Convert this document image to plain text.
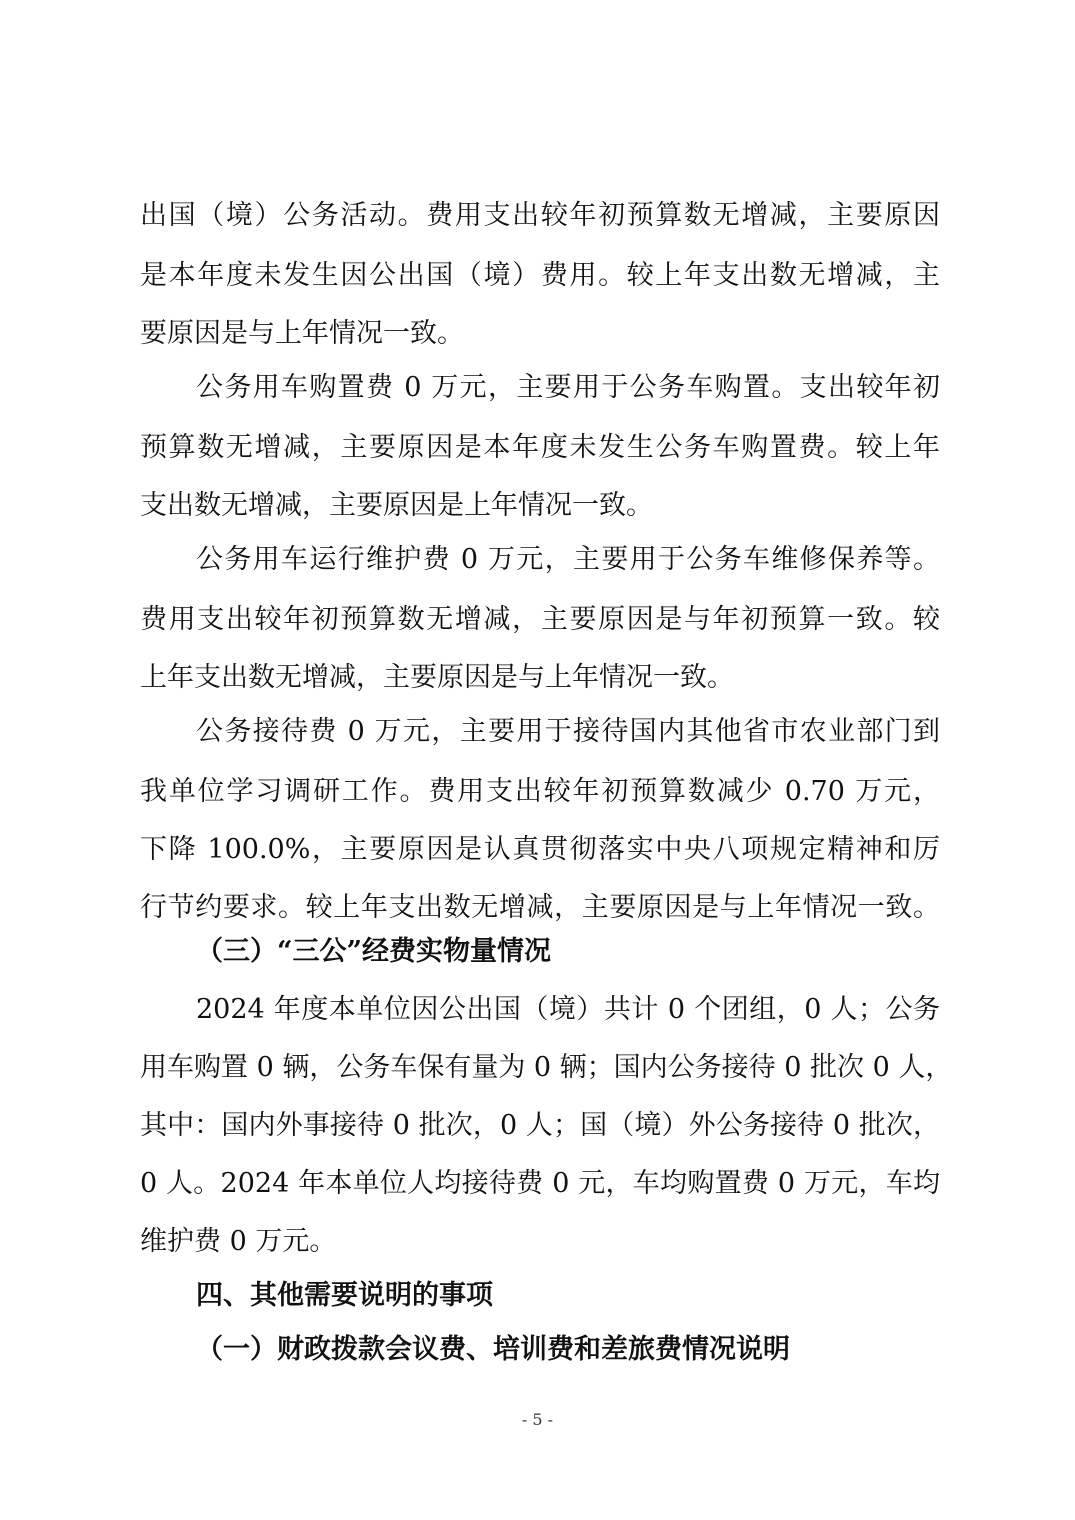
出国（境）公务活动。费用支出较年初预算数无增减，主要原因
是本年度未发生因公出国（境）费用。较上年支出数无增减，主
要原因是与上年情况一致。
公务用车购置费 0 万元，主要用于公务车购置。支出较年初
预算数无增减，主要原因是本年度未发生公务车购置费。较上年
支出数无增减，主要原因是上年情况一致。
公务用车运行维护费 0 万元，主要用于公务车维修保养等。
费用支出较年初预算数无增减，主要原因是与年初预算一致。较
上年支出数无增减，主要原因是与上年情况一致。
公务接待费 0 万元，主要用于接待国内其他省市农业部门到
我单位学习调研工作。费用支出较年初预算数减少 0.70 万元，
下降 100.0%，主要原因是认真贯彻落实中央八项规定精神和厉
行节约要求。较上年支出数无增减，主要原因是与上年情况一致。
（三）“三公”经费实物量情况
2024 年度本单位因公出国（境）共计 0 个团组，0 人；公务
用车购置 0 辆，公务车保有量为 0 辆；国内公务接待 0 批次 0 人，
其中：国内外事接待 0 批次，0 人；国（境）外公务接待 0 批次，
0 人。2024 年本单位人均接待费 0 元，车均购置费 0 万元，车均
维护费 0 万元。
四、其他需要说明的事项
（一）财政拨款会议费、培训费和差旅费情况说明
- 5 -
